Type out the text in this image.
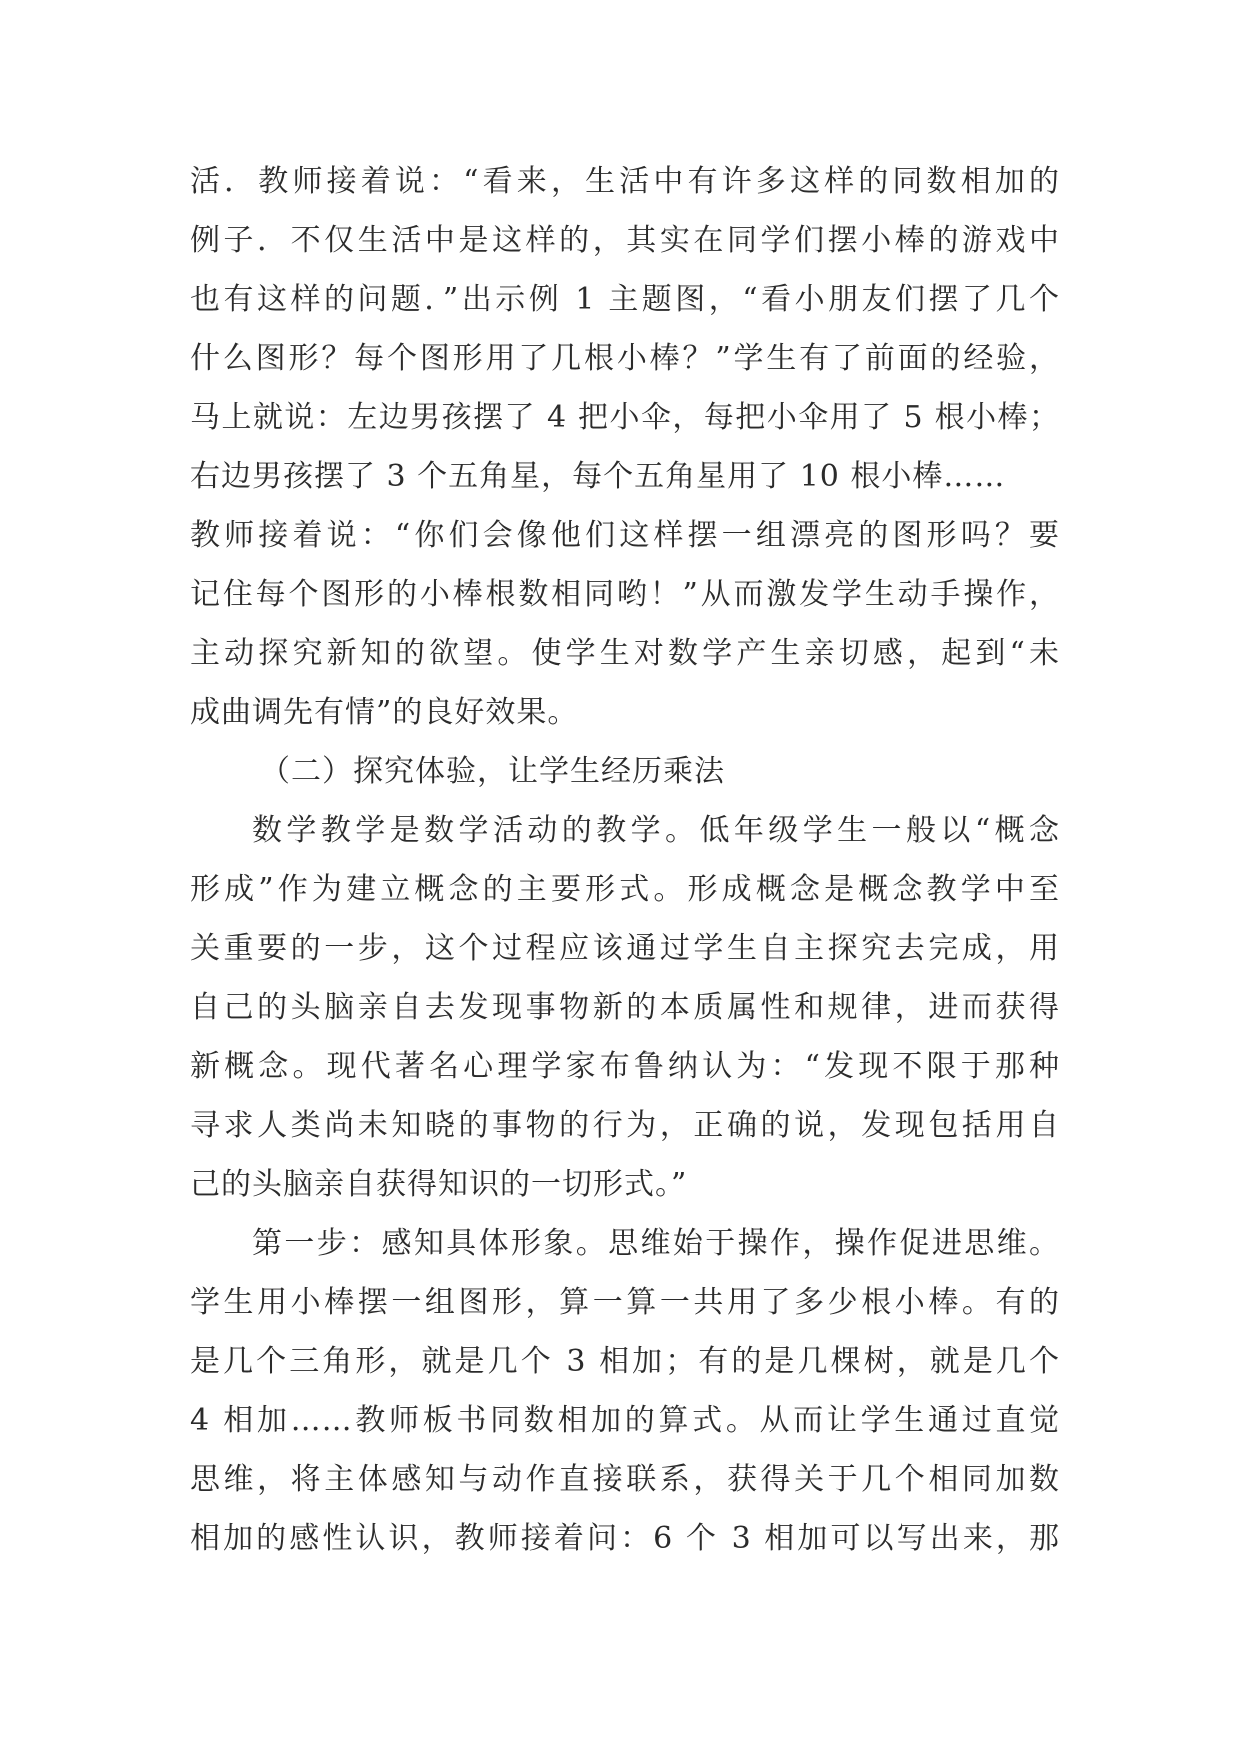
活．教师接着说：“看来，生活中有许多这样的同数相加的
例子．不仅生活中是这样的，其实在同学们摆小棒的游戏中
也有这样的问题．”出示例 1 主题图，“看小朋友们摆了几个
什么图形？每个图形用了几根小棒？”学生有了前面的经验，
马上就说：左边男孩摆了 4 把小伞，每把小伞用了 5 根小棒；
右边男孩摆了 3 个五角星，每个五角星用了 10 根小棒……
教师接着说：“你们会像他们这样摆一组漂亮的图形吗？要
记住每个图形的小棒根数相同哟！”从而激发学生动手操作，
主动探究新知的欲望。使学生对数学产生亲切感，起到“未
成曲调先有情”的良好效果。
（二）探究体验，让学生经历乘法
数学教学是数学活动的教学。低年级学生一般以“概念
形成”作为建立概念的主要形式。形成概念是概念教学中至
关重要的一步，这个过程应该通过学生自主探究去完成，用
自己的头脑亲自去发现事物新的本质属性和规律，进而获得
新概念。现代著名心理学家布鲁纳认为：“发现不限于那种
寻求人类尚未知晓的事物的行为，正确的说，发现包括用自
己的头脑亲自获得知识的一切形式。”
第一步：感知具体形象。思维始于操作，操作促进思维。
学生用小棒摆一组图形，算一算一共用了多少根小棒。有的
是几个三角形，就是几个 3 相加；有的是几棵树，就是几个
4 相加……教师板书同数相加的算式。从而让学生通过直觉
思维，将主体感知与动作直接联系，获得关于几个相同加数
相加的感性认识，教师接着问：6 个 3 相加可以写出来，那
